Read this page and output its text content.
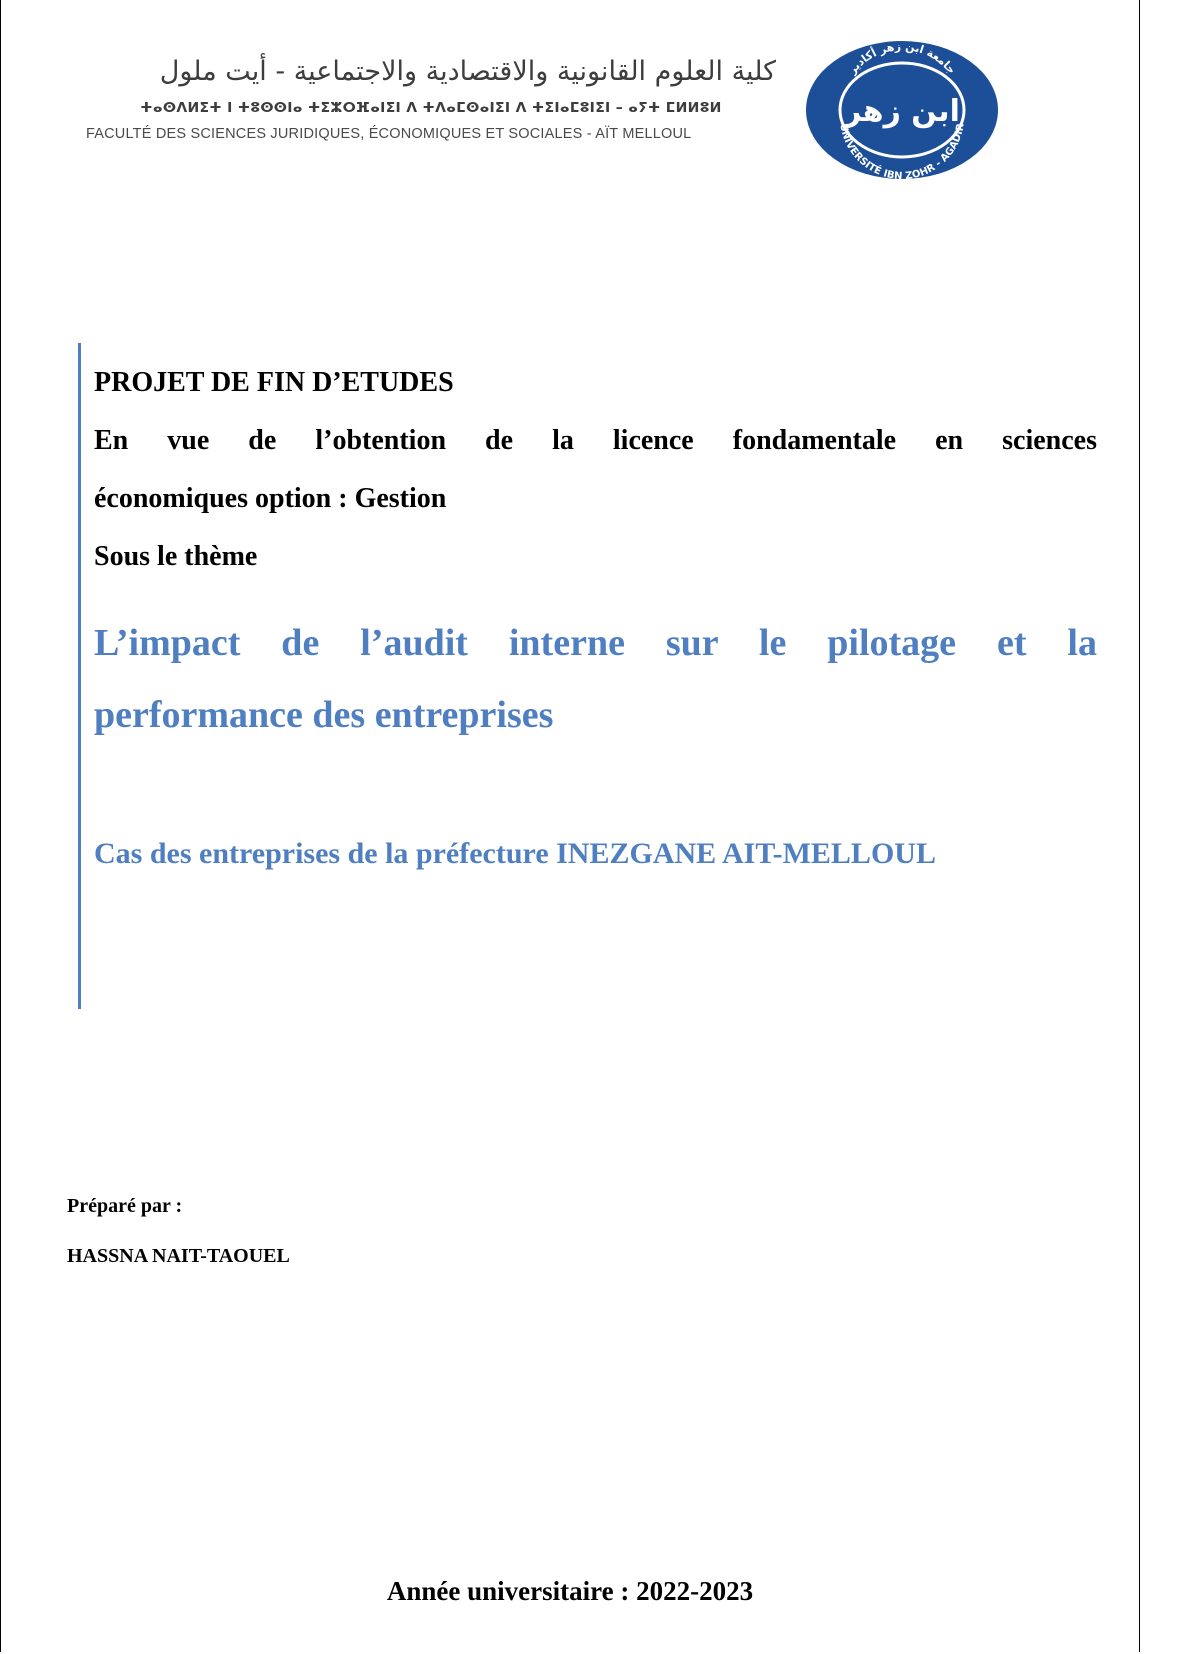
كلية العلوم القانونية والاقتصادية والاجتماعية - أيت ملول
ⵜⴰⵙⴷⵍⵉⵜ ⵏ ⵜⵓⵙⵙⵏⴰ ⵜⵉⵣⵔⴼⴰⵏⵉⵏ ⴷ ⵜⴷⴰⵎⵙⴰⵏⵉⵏ ⴷ ⵜⵉⵏⴰⵎⵓⵏⵉⵏ – ⴰⵢⵜ ⵎⵍⵍⵓⵍ
FACULTÉ DES SCIENCES JURIDIQUES, ÉCONOMIQUES ET SOCIALES - AÏT MELLOUL
جامعة ابن زهر أكادير
UNIVERSITÉ IBN ZOHR - AGADIR
ابن زهر
PROJET DE FIN D’ETUDES
En vue de l’obtention de la licence fondamentale en sciences
économiques option : Gestion
Sous le thème
L’impact de l’audit interne sur le pilotage et la
performance des entreprises
Cas des entreprises de la préfecture INEZGANE AIT-MELLOUL
Préparé par :
HASSNA NAIT-TAOUEL
Année universitaire : 2022-2023
